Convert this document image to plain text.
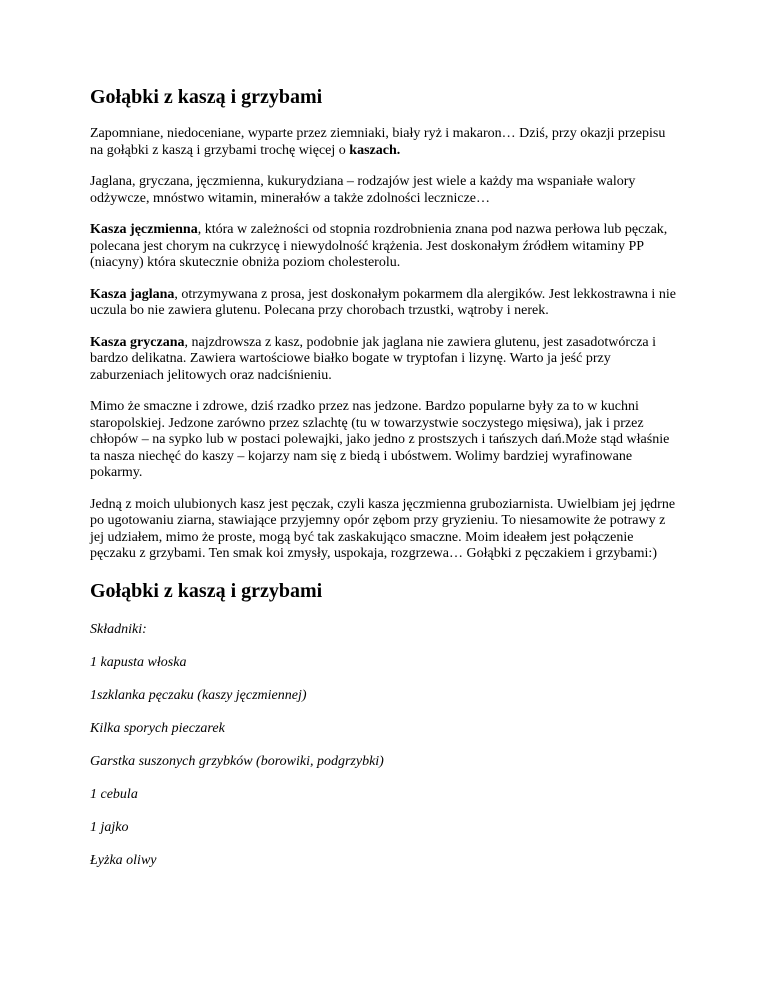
Gołąbki z kaszą i grzybami

Zapomniane, niedoceniane, wyparte przez ziemniaki, biały ryż i makaron… Dziś, przy okazji przepisu na gołąbki z kaszą i grzybami trochę więcej o kaszach.

Jaglana, gryczana, jęczmienna, kukurydziana – rodzajów jest wiele a każdy ma wspaniałe walory odżywcze, mnóstwo witamin, minerałów a także zdolności lecznicze…

Kasza jęczmienna, która w zależności od stopnia rozdrobnienia znana pod nazwa perłowa lub pęczak, polecana jest chorym na cukrzycę i niewydolność krążenia. Jest doskonałym źródłem witaminy PP (niacyny) która skutecznie obniża poziom cholesterolu.

Kasza jaglana, otrzymywana z prosa, jest doskonałym pokarmem dla alergików. Jest lekkostrawna i nie uczula bo nie zawiera glutenu. Polecana przy chorobach trzustki, wątroby i nerek.

Kasza gryczana, najzdrowsza z kasz, podobnie jak jaglana nie zawiera glutenu, jest zasadotwórcza i bardzo delikatna. Zawiera wartościowe białko bogate w tryptofan i lizynę. Warto ja jeść przy zaburzeniach jelitowych oraz nadciśnieniu.

Mimo że smaczne i zdrowe, dziś rzadko przez nas jedzone. Bardzo popularne były za to w kuchni staropolskiej. Jedzone zarówno przez szlachtę (tu w towarzystwie soczystego mięsiwa), jak i przez chłopów – na sypko lub w postaci polewajki, jako jedno z prostszych i tańszych dań.Może stąd właśnie ta nasza niechęć do kaszy – kojarzy nam się z biedą i ubóstwem. Wolimy bardziej wyrafinowane pokarmy.

Jedną z moich ulubionych kasz jest pęczak, czyli kasza jęczmienna gruboziarnista. Uwielbiam jej jędrne po ugotowaniu ziarna, stawiające przyjemny opór zębom przy gryzieniu. To niesamowite że potrawy z jej udziałem, mimo że proste, mogą być tak zaskakująco smaczne. Moim ideałem jest połączenie pęczaku z grzybami. Ten smak koi zmysły, uspokaja, rozgrzewa… Gołąbki z pęczakiem i grzybami:)

Gołąbki z kaszą i grzybami

Składniki:

1 kapusta włoska

1szklanka pęczaku (kaszy jęczmiennej)

Kilka sporych pieczarek

Garstka suszonych grzybków (borowiki, podgrzybki)

1 cebula

1 jajko

Łyżka oliwy
